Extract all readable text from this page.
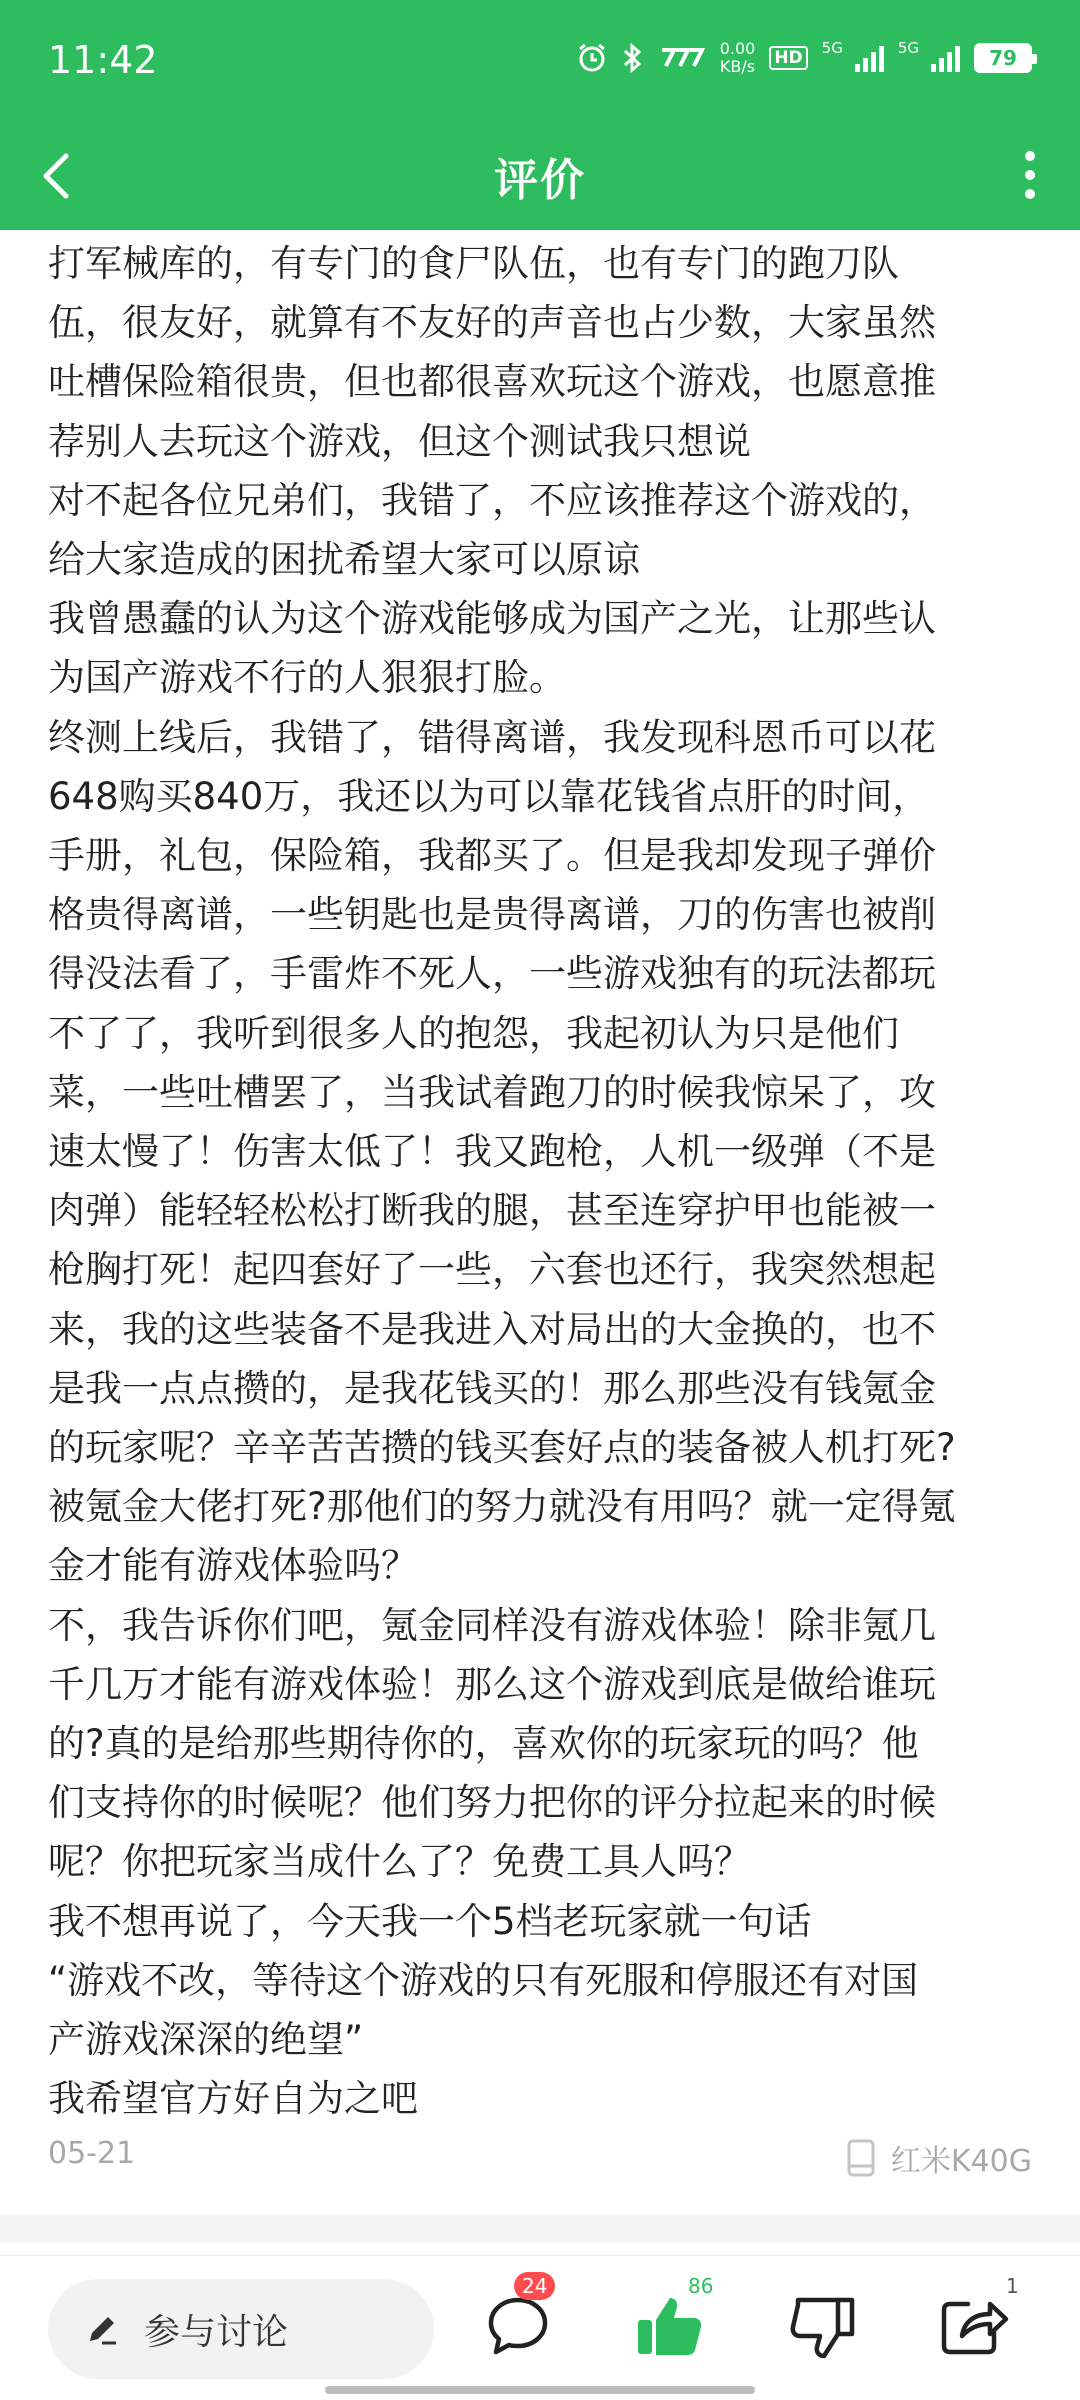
11:42	0.00
KB/s HD	5G	5G	79
评价
打军械库的，有专门的食尸队伍，也有专门的跑刀队
伍，很友好，就算有不友好的声音也占少数，大家虽然
吐槽保险箱很贵，但也都很喜欢玩这个游戏，也愿意推
荐别人去玩这个游戏，但这个测试我只想说
对不起各位兄弟们，我错了，不应该推荐这个游戏的，
给大家造成的困扰希望大家可以原谅
我曾愚蠢的认为这个游戏能够成为国产之光，让那些认
为国产游戏不行的人狠狠打脸。
终测上线后，我错了，错得离谱，我发现科恩币可以花
648购买840万，我还以为可以靠花钱省点肝的时间，
手册，礼包，保险箱，我都买了。但是我却发现子弹价
格贵得离谱，一些钥匙也是贵得离谱，刀的伤害也被削
得没法看了，手雷炸不死人，一些游戏独有的玩法都玩
不了了，我听到很多人的抱怨，我起初认为只是他们
菜，一些吐槽罢了，当我试着跑刀的时候我惊呆了，攻
速太慢了！伤害太低了！我又跑枪，人机一级弹（不是
肉弹）能轻轻松松打断我的腿，甚至连穿护甲也能被一
枪胸打死！起四套好了一些，六套也还行，我突然想起
来，我的这些装备不是我进入对局出的大金换的，也不
是我一点点攒的，是我花钱买的！那么那些没有钱氪金
的玩家呢？辛辛苦苦攒的钱买套好点的装备被人机打死?
被氪金大佬打死?那他们的努力就没有用吗？就一定得氪
金才能有游戏体验吗？
不，我告诉你们吧，氪金同样没有游戏体验！除非氪几
千几万才能有游戏体验！那么这个游戏到底是做给谁玩
的?真的是给那些期待你的，喜欢你的玩家玩的吗？他
们支持你的时候呢？他们努力把你的评分拉起来的时候
呢？你把玩家当成什么了？免费工具人吗？
我不想再说了，今天我一个5档老玩家就一句话
“游戏不改，等待这个游戏的只有死服和停服还有对国
产游戏深深的绝望”
我希望官方好自为之吧
05-21	红米K40G
参与讨论
24	86	1
